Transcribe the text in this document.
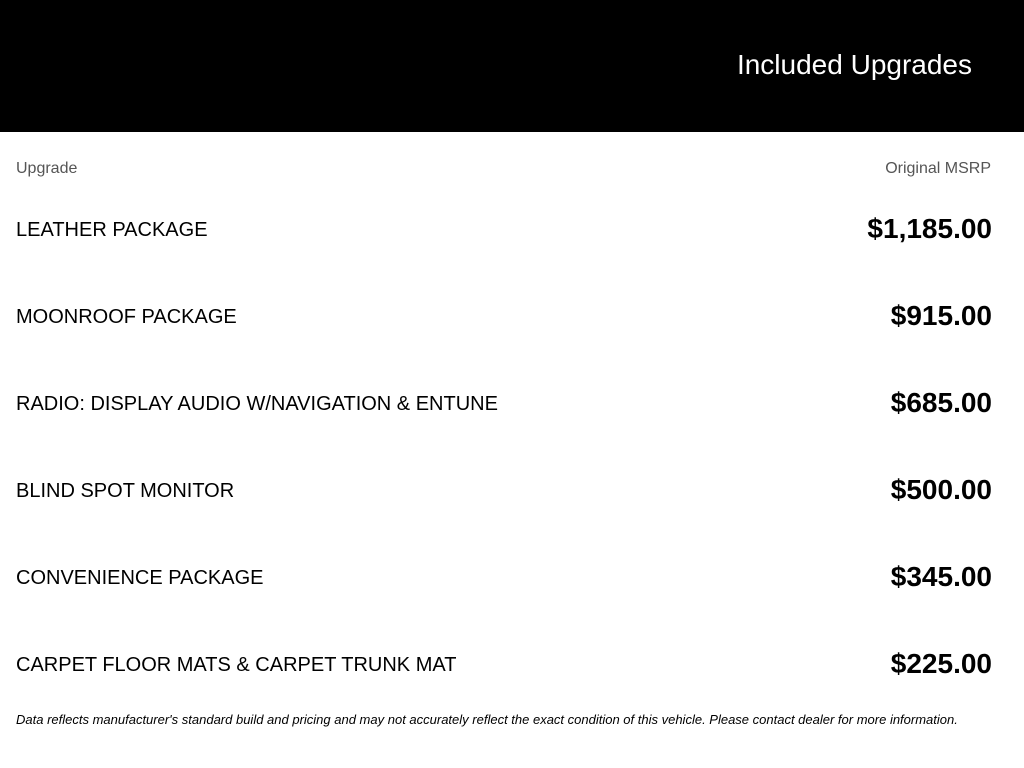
Included Upgrades
Upgrade	Original MSRP
LEATHER PACKAGE	$1,185.00
MOONROOF PACKAGE	$915.00
RADIO: DISPLAY AUDIO W/NAVIGATION & ENTUNE	$685.00
BLIND SPOT MONITOR	$500.00
CONVENIENCE PACKAGE	$345.00
CARPET FLOOR MATS & CARPET TRUNK MAT	$225.00
Data reflects manufacturer's standard build and pricing and may not accurately reflect the exact condition of this vehicle. Please contact dealer for more information.
